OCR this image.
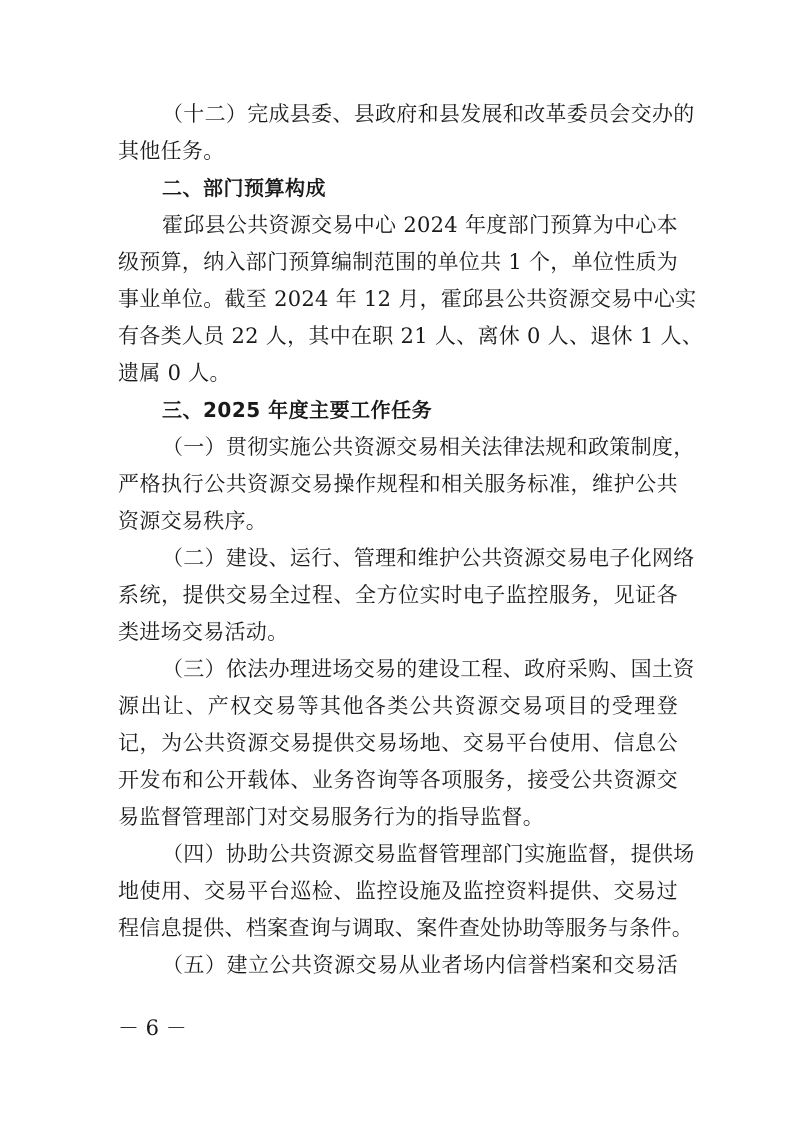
（十二）完成县委、县政府和县发展和改革委员会交办的
其他任务。
二、部门预算构成
霍邱县公共资源交易中心 2024 年度部门预算为中心本
级预算，纳入部门预算编制范围的单位共 1 个，单位性质为
事业单位。截至 2024 年 12 月，霍邱县公共资源交易中心实
有各类人员 22 人，其中在职 21 人、离休 0 人、退休 1 人、
遗属 0 人。
三、2025 年度主要工作任务
（一）贯彻实施公共资源交易相关法律法规和政策制度，
严格执行公共资源交易操作规程和相关服务标准，维护公共
资源交易秩序。
（二）建设、运行、管理和维护公共资源交易电子化网络
系统，提供交易全过程、全方位实时电子监控服务，见证各
类进场交易活动。
（三）依法办理进场交易的建设工程、政府采购、国土资
源出让、产权交易等其他各类公共资源交易项目的受理登
记，为公共资源交易提供交易场地、交易平台使用、信息公
开发布和公开载体、业务咨询等各项服务，接受公共资源交
易监督管理部门对交易服务行为的指导监督。
（四）协助公共资源交易监督管理部门实施监督，提供场
地使用、交易平台巡检、监控设施及监控资料提供、交易过
程信息提供、档案查询与调取、案件查处协助等服务与条件。
（五）建立公共资源交易从业者场内信誉档案和交易活
－ 6 －
